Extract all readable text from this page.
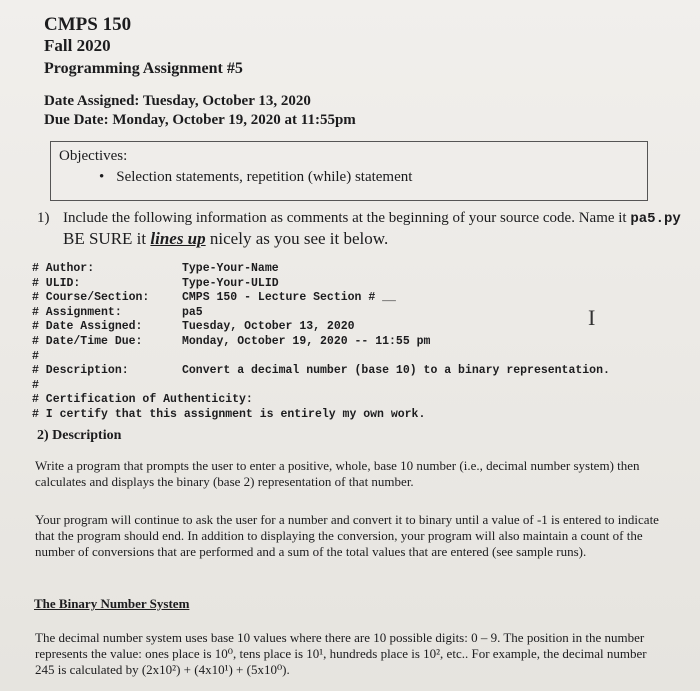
CMPS 150
Fall 2020
Programming Assignment #5
Date Assigned: Tuesday, October 13, 2020
Due Date: Monday, October 19, 2020 at 11:55pm
Objectives:
• Selection statements, repetition (while) statement
1) Include the following information as comments at the beginning of your source code. Name it pa5.py
BE SURE it lines up nicely as you see it below.
# Author:	Type-Your-Name
# ULID:	Type-Your-ULID
# Course/Section:	CMPS 150 - Lecture Section # __
# Assignment:	pa5
# Date Assigned:	Tuesday, October 13, 2020
# Date/Time Due:	Monday, October 19, 2020 -- 11:55 pm
#
# Description:	Convert a decimal number (base 10) to a binary representation.
#
# Certification of Authenticity:
# I certify that this assignment is entirely my own work.
I
2) Description
Write a program that prompts the user to enter a positive, whole, base 10 number (i.e., decimal number system) then calculates and displays the binary (base 2) representation of that number.
Your program will continue to ask the user for a number and convert it to binary until a value of -1 is entered to indicate that the program should end. In addition to displaying the conversion, your program will also maintain a count of the number of conversions that are performed and a sum of the total values that are entered (see sample runs).
The Binary Number System
The decimal number system uses base 10 values where there are 10 possible digits: 0 – 9. The position in the number represents the value: ones place is 10⁰, tens place is 10¹, hundreds place is 10², etc.. For example, the decimal number 245 is calculated by (2x10²) + (4x10¹) + (5x10⁰).
